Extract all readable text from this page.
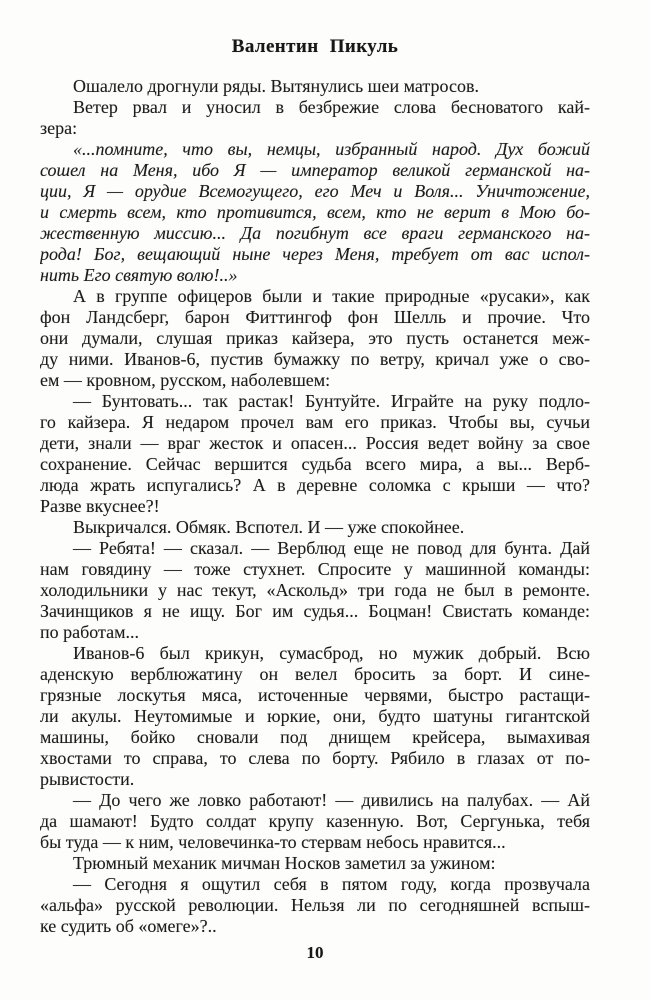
Валентин Пикуль
Ошалело дрогнули ряды. Вытянулись шеи матросов.
Ветер рвал и уносил в безбрежие слова бесноватого кай-
зера:
«...помните, что вы, немцы, избранный народ. Дух божий
сошел на Меня, ибо Я — император великой германской на-
ции, Я — орудие Всемогущего, его Меч и Воля... Уничтожение,
и смерть всем, кто противится, всем, кто не верит в Мою бо-
жественную миссию... Да погибнут все враги германского на-
рода! Бог, вещающий ныне через Меня, требует от вас испол-
нить Его святую волю!..»
А в группе офицеров были и такие природные «русаки», как
фон Ландсберг, барон Фиттингоф фон Шелль и прочие. Что
они думали, слушая приказ кайзера, это пусть останется меж-
ду ними. Иванов-6, пустив бумажку по ветру, кричал уже о сво-
ем — кровном, русском, наболевшем:
— Бунтовать... так растак! Бунтуйте. Играйте на руку подло-
го кайзера. Я недаром прочел вам его приказ. Чтобы вы, сучьи
дети, знали — враг жесток и опасен... Россия ведет войну за свое
сохранение. Сейчас вершится судьба всего мира, а вы... Верб-
люда жрать испугались? А в деревне соломка с крыши — что?
Разве вкуснее?!
Выкричался. Обмяк. Вспотел. И — уже спокойнее.
— Ребята! — сказал. — Верблюд еще не повод для бунта. Дай
нам говядину — тоже стухнет. Спросите у машинной команды:
холодильники у нас текут, «Аскольд» три года не был в ремонте.
Зачинщиков я не ищу. Бог им судья... Боцман! Свистать команде:
по работам...
Иванов-6 был крикун, сумасброд, но мужик добрый. Всю
аденскую верблюжатину он велел бросить за борт. И сине-
грязные лоскутья мяса, источенные червями, быстро растащи-
ли акулы. Неутомимые и юркие, они, будто шатуны гигантской
машины, бойко сновали под днищем крейсера, вымахивая
хвостами то справа, то слева по борту. Рябило в глазах от по-
рывистости.
— До чего же ловко работают! — дивились на палубах. — Ай
да шамают! Будто солдат крупу казенную. Вот, Сергунька, тебя
бы туда — к ним, человечинка-то стервам небось нравится...
Трюмный механик мичман Носков заметил за ужином:
— Сегодня я ощутил себя в пятом году, когда прозвучала
«альфа» русской революции. Нельзя ли по сегодняшней вспыш-
ке судить об «омеге»?..
10
